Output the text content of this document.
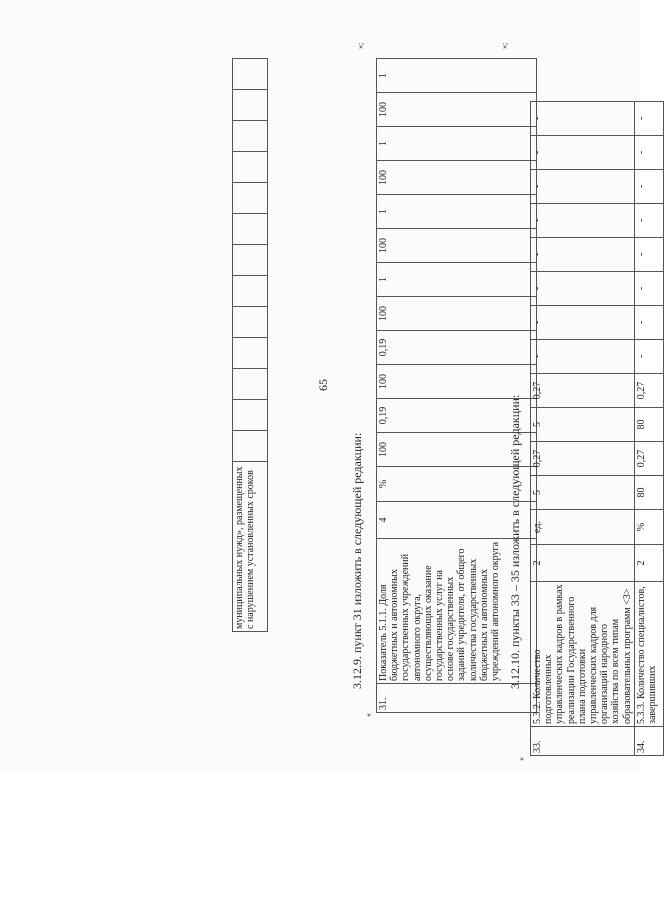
65
муниципальных нужд», размещенных с нарушением установленных сроков													
»;
3.12.9. пункт 31 изложить в следующей редакции:
«
31.	Показатель 5.1.1. Доля бюджетных и автономных государственных учреждений автономного округа, осуществляющих оказание государственных услуг на основе государственных заданий учредителя, от общего количества государственных бюджетных и автономных учреждений автономного округа	4	%	100	0,19	100	0,19	100	1	100	1	100	1	100	1
»;
3.12.10. пункты 33 – 35 изложить в следующей редакции:
«
33.	5.3.2. Количество подготовленных управленческих кадров в рамках реализации Государственного плана подготовки управленческих кадров для организаций народного хозяйства по всем типам образовательных программ <3>	2	ед.	5	0,27	5	0,27	-	-	-	-	-	-	-	-
34.	5.3.3. Количество специалистов, завершивших	2	%	80	0,27	80	0,27	-	-	-	-	-	-	-	-
